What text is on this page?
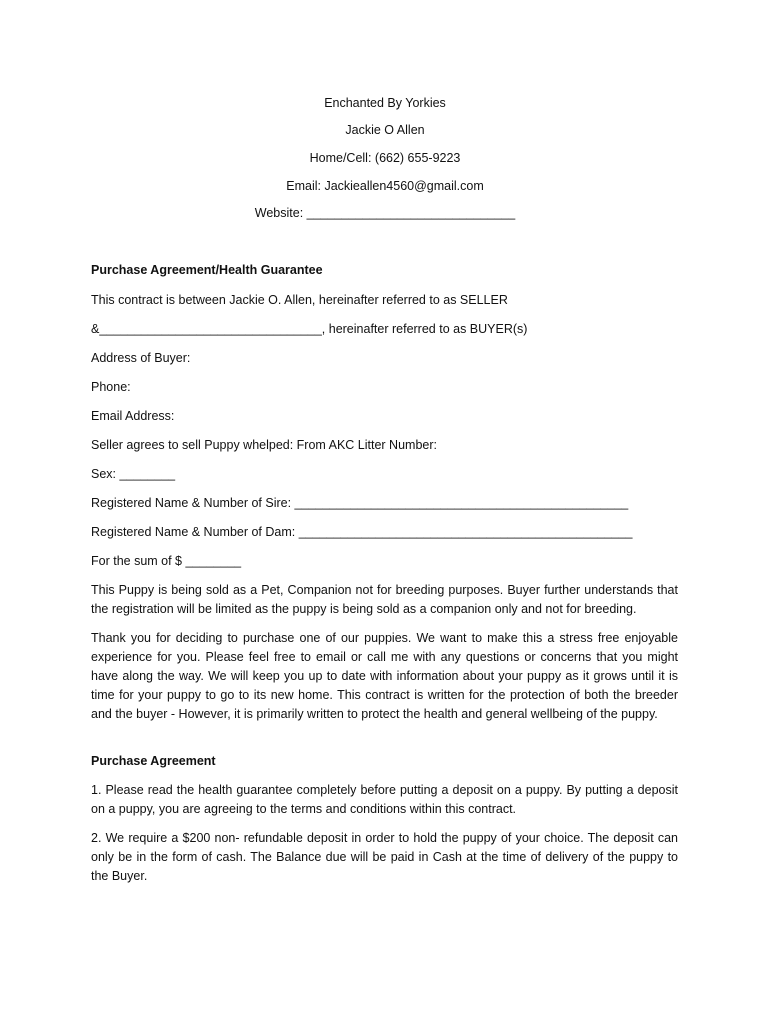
Enchanted By Yorkies
Jackie O Allen
Home/Cell: (662) 655-9223
Email: Jackieallen4560@gmail.com
Website: ______________________________
Purchase Agreement/Health Guarantee
This contract is between Jackie O. Allen, hereinafter referred to as SELLER
&________________________________, hereinafter referred to as BUYER(s)
Address of Buyer:
Phone:
Email Address:
Seller agrees to sell Puppy whelped: From AKC Litter Number:
Sex: ________
Registered Name & Number of Sire: ________________________________________________
Registered Name & Number of Dam: ________________________________________________
For the sum of $ ________
This Puppy is being sold as a Pet, Companion not for breeding purposes. Buyer further understands that the registration will be limited as the puppy is being sold as a companion only and not for breeding.
Thank you for deciding to purchase one of our puppies. We want to make this a stress free enjoyable experience for you. Please feel free to email or call me with any questions or concerns that you might have along the way. We will keep you up to date with information about your puppy as it grows until it is time for your puppy to go to its new home. This contract is written for the protection of both the breeder and the buyer - However, it is primarily written to protect the health and general wellbeing of the puppy.
Purchase Agreement
1. Please read the health guarantee completely before putting a deposit on a puppy. By putting a deposit on a puppy, you are agreeing to the terms and conditions within this contract.
2. We require a $200 non- refundable deposit in order to hold the puppy of your choice. The deposit can only be in the form of cash. The Balance due will be paid in Cash at the time of delivery of the puppy to the Buyer.
